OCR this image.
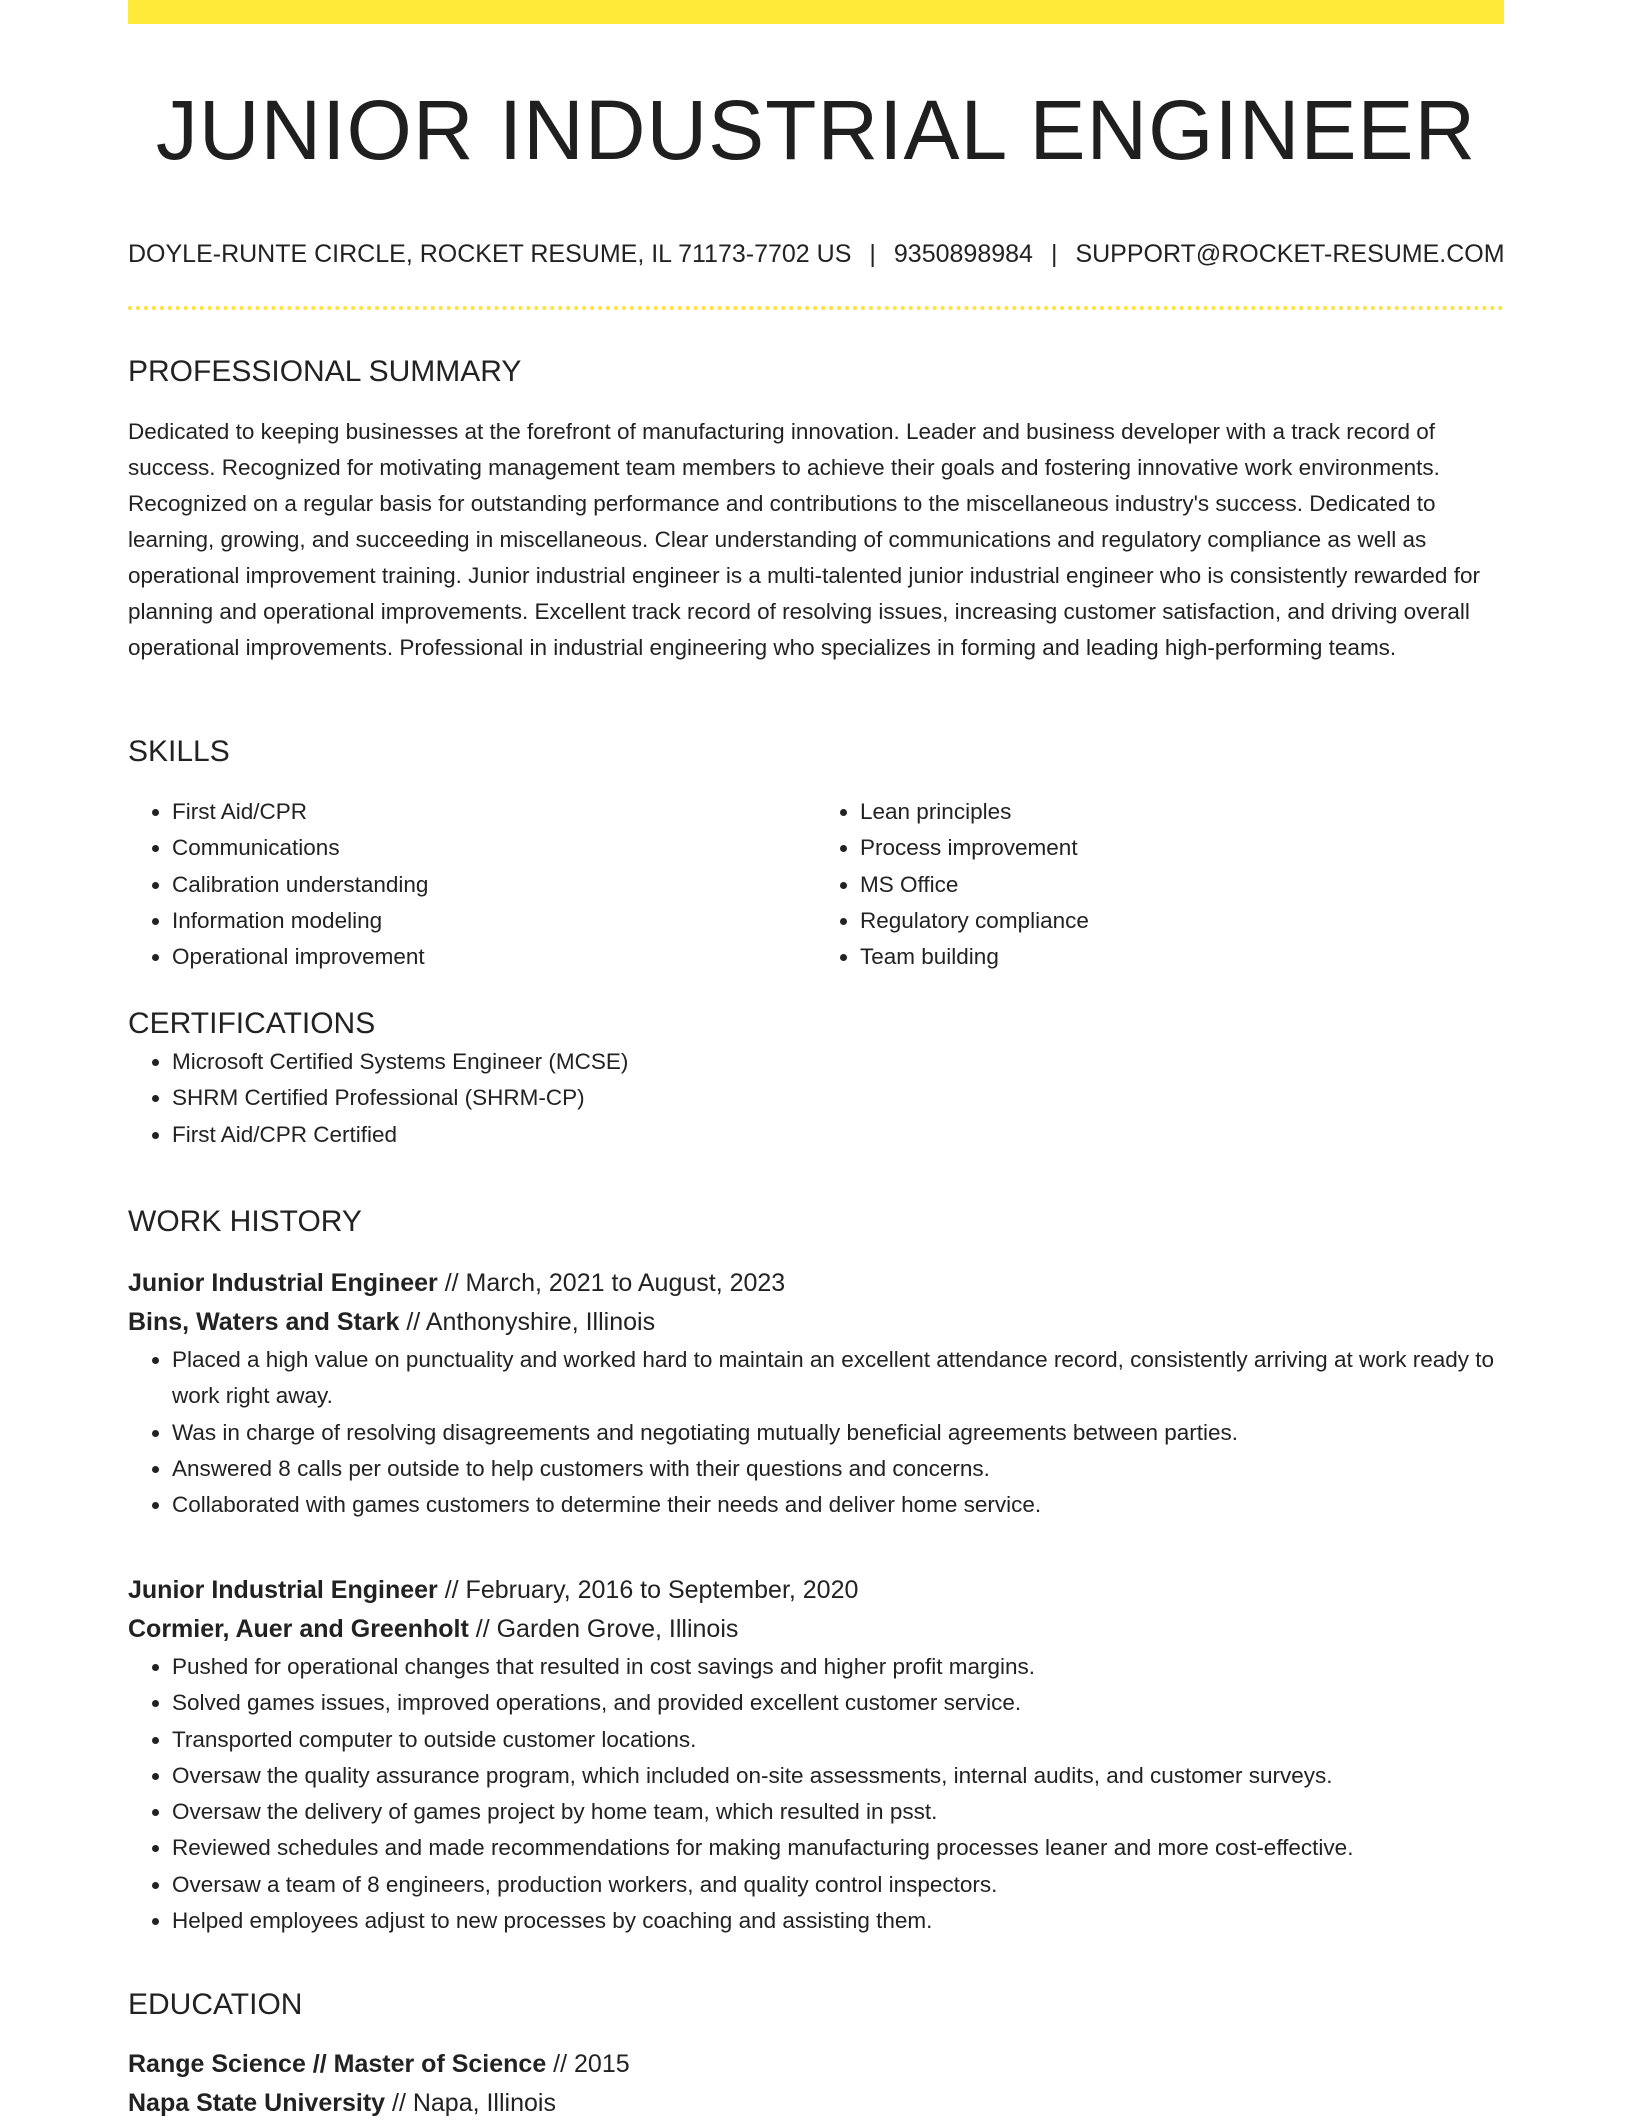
JUNIOR INDUSTRIAL ENGINEER
DOYLE-RUNTE CIRCLE, ROCKET RESUME, IL 71173-7702 US | 9350898984 | SUPPORT@ROCKET-RESUME.COM
PROFESSIONAL SUMMARY

Dedicated to keeping businesses at the forefront of manufacturing innovation. Leader and business developer with a track record of success. Recognized for motivating management team members to achieve their goals and fostering innovative work environments. Recognized on a regular basis for outstanding performance and contributions to the miscellaneous industry's success. Dedicated to learning, growing, and succeeding in miscellaneous. Clear understanding of communications and regulatory compliance as well as operational improvement training. Junior industrial engineer is a multi-talented junior industrial engineer who is consistently rewarded for planning and operational improvements. Excellent track record of resolving issues, increasing customer satisfaction, and driving overall operational improvements. Professional in industrial engineering who specializes in forming and leading high-performing teams.

SKILLS
• First Aid/CPR
• Communications
• Calibration understanding
• Information modeling
• Operational improvement
• Lean principles
• Process improvement
• MS Office
• Regulatory compliance
• Team building
CERTIFICATIONS
• Microsoft Certified Systems Engineer (MCSE)
• SHRM Certified Professional (SHRM-CP)
• First Aid/CPR Certified
WORK HISTORY
Junior Industrial Engineer // March, 2021 to August, 2023
Bins, Waters and Stark // Anthonyshire, Illinois
• Placed a high value on punctuality and worked hard to maintain an excellent attendance record, consistently arriving at work ready to work right away.
• Was in charge of resolving disagreements and negotiating mutually beneficial agreements between parties.
• Answered 8 calls per outside to help customers with their questions and concerns.
• Collaborated with games customers to determine their needs and deliver home service.
Junior Industrial Engineer // February, 2016 to September, 2020
Cormier, Auer and Greenholt // Garden Grove, Illinois
• Pushed for operational changes that resulted in cost savings and higher profit margins.
• Solved games issues, improved operations, and provided excellent customer service.
• Transported computer to outside customer locations.
• Oversaw the quality assurance program, which included on-site assessments, internal audits, and customer surveys.
• Oversaw the delivery of games project by home team, which resulted in psst.
• Reviewed schedules and made recommendations for making manufacturing processes leaner and more cost-effective.
• Oversaw a team of 8 engineers, production workers, and quality control inspectors.
• Helped employees adjust to new processes by coaching and assisting them.
EDUCATION
Range Science // Master of Science // 2015
Napa State University // Napa, Illinois
